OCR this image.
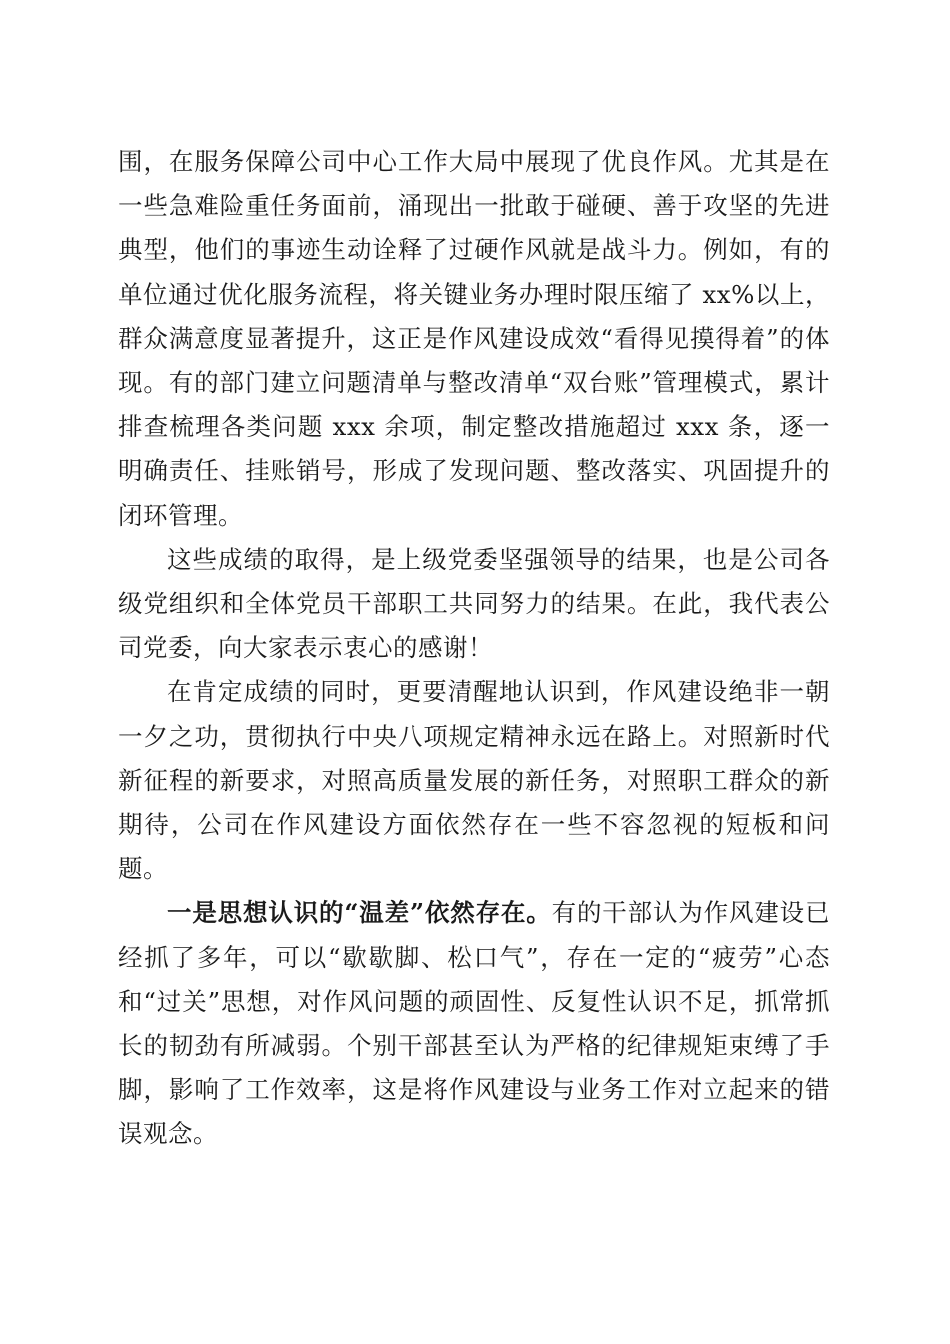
围，在服务保障公司中心工作大局中展现了优良作风。尤其是在一些急难险重任务面前，涌现出一批敢于碰硬、善于攻坚的先进典型，他们的事迹生动诠释了过硬作风就是战斗力。例如，有的单位通过优化服务流程，将关键业务办理时限压缩了 xx%以上，群众满意度显著提升，这正是作风建设成效“看得见摸得着”的体现。有的部门建立问题清单与整改清单“双台账”管理模式，累计排查梳理各类问题 xxx 余项，制定整改措施超过 xxx 条，逐一明确责任、挂账销号，形成了发现问题、整改落实、巩固提升的闭环管理。

这些成绩的取得，是上级党委坚强领导的结果，也是公司各级党组织和全体党员干部职工共同努力的结果。在此，我代表公司党委，向大家表示衷心的感谢！

在肯定成绩的同时，更要清醒地认识到，作风建设绝非一朝一夕之功，贯彻执行中央八项规定精神永远在路上。对照新时代新征程的新要求，对照高质量发展的新任务，对照职工群众的新期待，公司在作风建设方面依然存在一些不容忽视的短板和问题。

一是思想认识的“温差”依然存在。有的干部认为作风建设已经抓了多年，可以“歇歇脚、松口气”，存在一定的“疲劳”心态和“过关”思想，对作风问题的顽固性、反复性认识不足，抓常抓长的韧劲有所减弱。个别干部甚至认为严格的纪律规矩束缚了手脚，影响了工作效率，这是将作风建设与业务工作对立起来的错误观念。
